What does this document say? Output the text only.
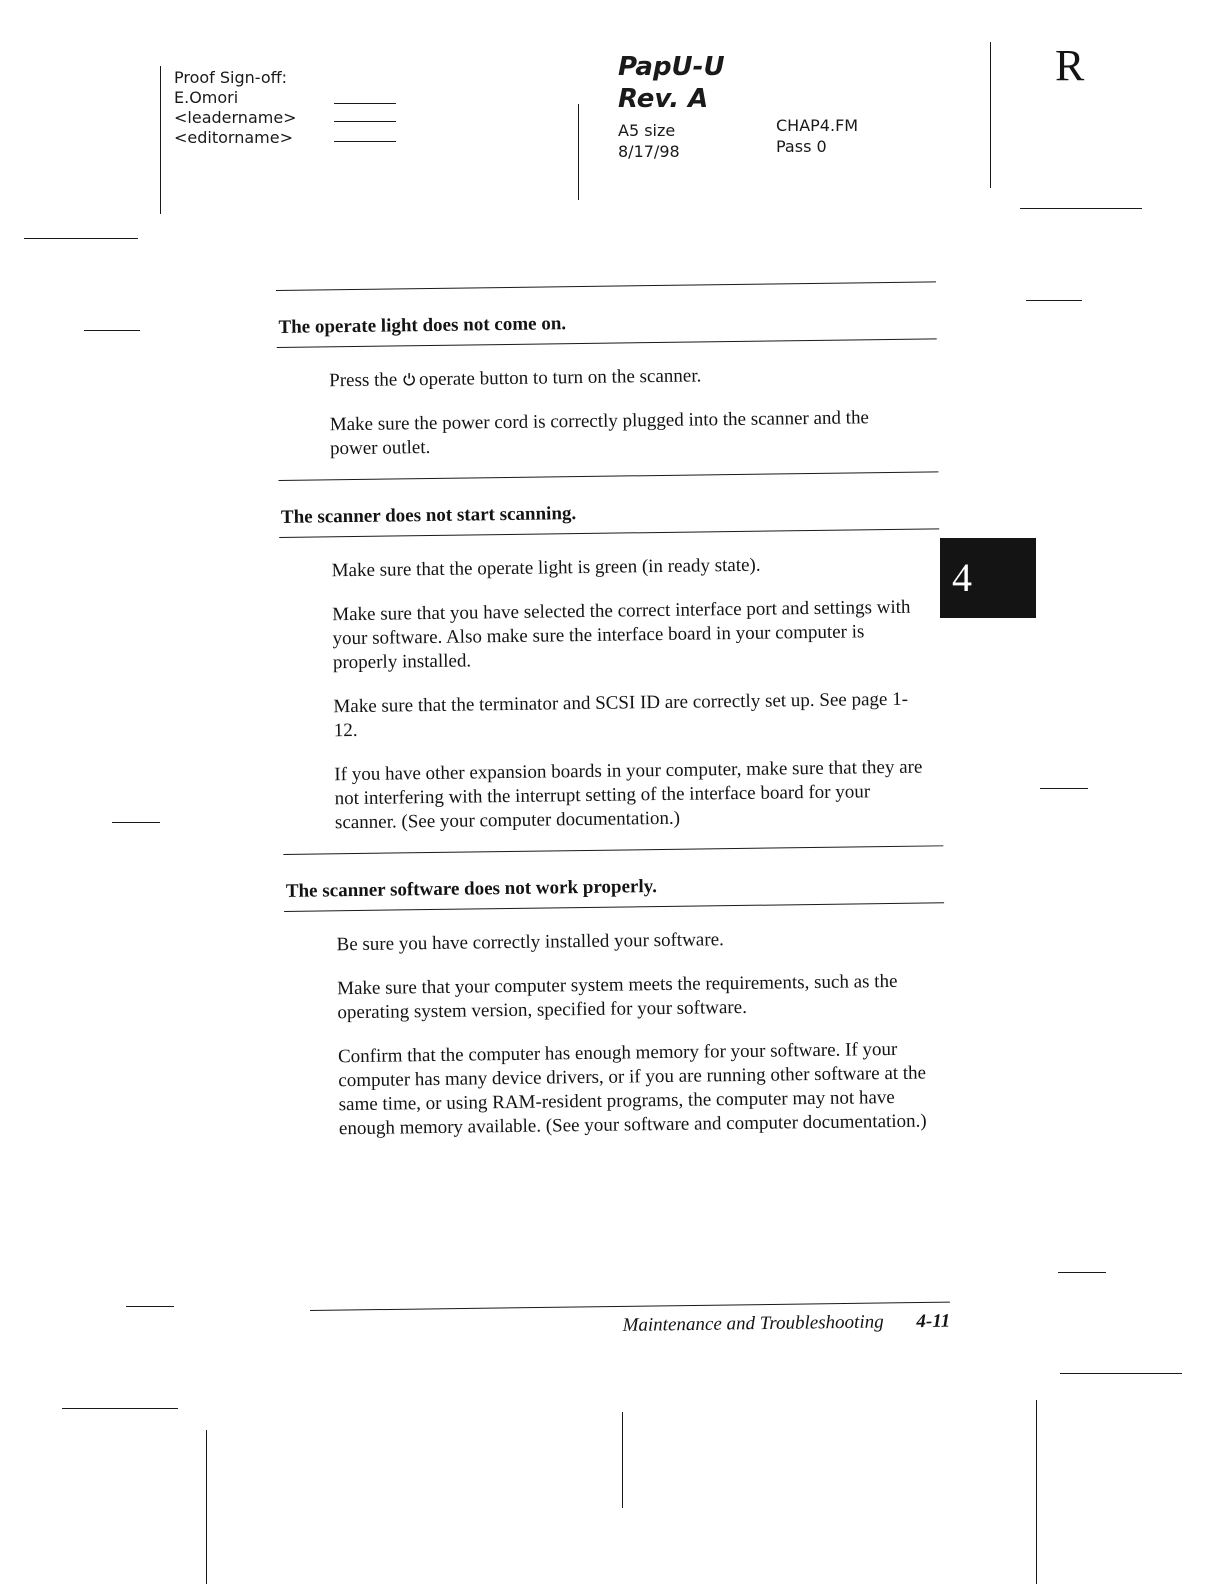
Proof Sign-off:
E.Omori
<leadername>
<editorname>
PapU-U
Rev. A
A5 size
8/17/98
CHAP4.FM
Pass 0
R
4
The operate light does not come on.

Press the operate button to turn on the scanner.

Make sure the power cord is correctly plugged into the scanner and the power outlet.

The scanner does not start scanning.

Make sure that the operate light is green (in ready state).

Make sure that you have selected the correct interface port and settings with your software. Also make sure the interface board in your computer is properly installed.

Make sure that the terminator and SCSI ID are correctly set up. See page 1-12.

If you have other expansion boards in your computer, make sure that they are not interfering with the interrupt setting of the interface board for your scanner. (See your computer documentation.)

The scanner software does not work properly.

Be sure you have correctly installed your software.

Make sure that your computer system meets the requirements, such as the operating system version, specified for your software.

Confirm that the computer has enough memory for your software. If your computer has many device drivers, or if you are running other software at the same time, or using RAM-resident programs, the computer may not have enough memory available. (See your software and computer documentation.)

Maintenance and Troubleshooting 4-11
